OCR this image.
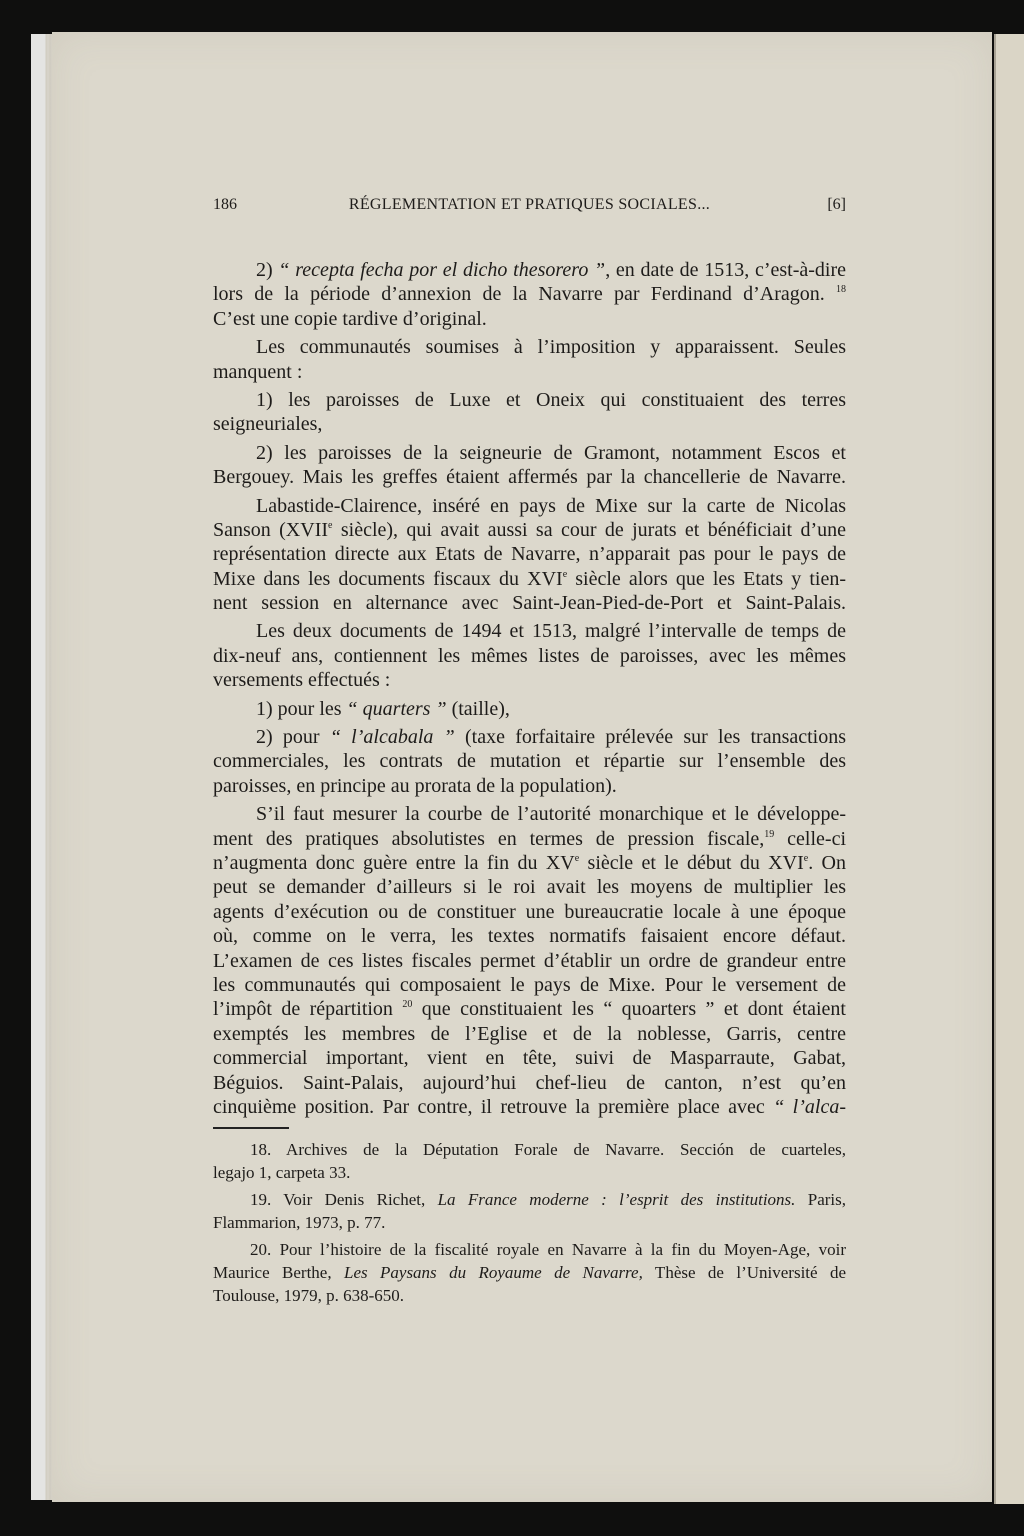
186	RÉGLEMENTATION ET PRATIQUES SOCIALES...	[6]
2) “ recepta fecha por el dicho thesorero ”, en date de 1513, c’est-à-dire
lors de la période d’annexion de la Navarre par Ferdinand d’Aragon. $^{18}$
C’est une copie tardive d’original.
Les communautés soumises à l’imposition y apparaissent. Seules
manquent :
1) les paroisses de Luxe et Oneix qui constituaient des terres
seigneuriales,
2) les paroisses de la seigneurie de Gramont, notamment Escos et
Bergouey. Mais les greffes étaient affermés par la chancellerie de Navarre.
Labastide-Clairence, inséré en pays de Mixe sur la carte de Nicolas
Sanson (XVIIe siècle), qui avait aussi sa cour de jurats et bénéficiait d’une
représentation directe aux Etats de Navarre, n’apparait pas pour le pays de
Mixe dans les documents fiscaux du XVIe siècle alors que les Etats y tien-
nent session en alternance avec Saint-Jean-Pied-de-Port et Saint-Palais.
Les deux documents de 1494 et 1513, malgré l’intervalle de temps de
dix-neuf ans, contiennent les mêmes listes de paroisses, avec les mêmes
versements effectués :
1) pour les “ quarters ” (taille),
2) pour “ l’alcabala ” (taxe forfaitaire prélevée sur les transactions
commerciales, les contrats de mutation et répartie sur l’ensemble des
paroisses, en principe au prorata de la population).
S’il faut mesurer la courbe de l’autorité monarchique et le développe-
ment des pratiques absolutistes en termes de pression fiscale,$^{19}$ celle-ci
n’augmenta donc guère entre la fin du XVe siècle et le début du XVIe. On
peut se demander d’ailleurs si le roi avait les moyens de multiplier les
agents d’exécution ou de constituer une bureaucratie locale à une époque
où, comme on le verra, les textes normatifs faisaient encore défaut.
L’examen de ces listes fiscales permet d’établir un ordre de grandeur entre
les communautés qui composaient le pays de Mixe. Pour le versement de
l’impôt de répartition $^{20}$ que constituaient les “ quoarters ” et dont étaient
exemptés les membres de l’Eglise et de la noblesse, Garris, centre
commercial important, vient en tête, suivi de Masparraute, Gabat,
Béguios. Saint-Palais, aujourd’hui chef-lieu de canton, n’est qu’en
cinquième position. Par contre, il retrouve la première place avec “ l’alca-
18. Archives de la Députation Forale de Navarre. Sección de cuarteles,
legajo 1, carpeta 33.
19. Voir Denis Richet, La France moderne : l’esprit des institutions. Paris,
Flammarion, 1973, p. 77.
20. Pour l’histoire de la fiscalité royale en Navarre à la fin du Moyen-Age, voir
Maurice Berthe, Les Paysans du Royaume de Navarre, Thèse de l’Université de
Toulouse, 1979, p. 638-650.
